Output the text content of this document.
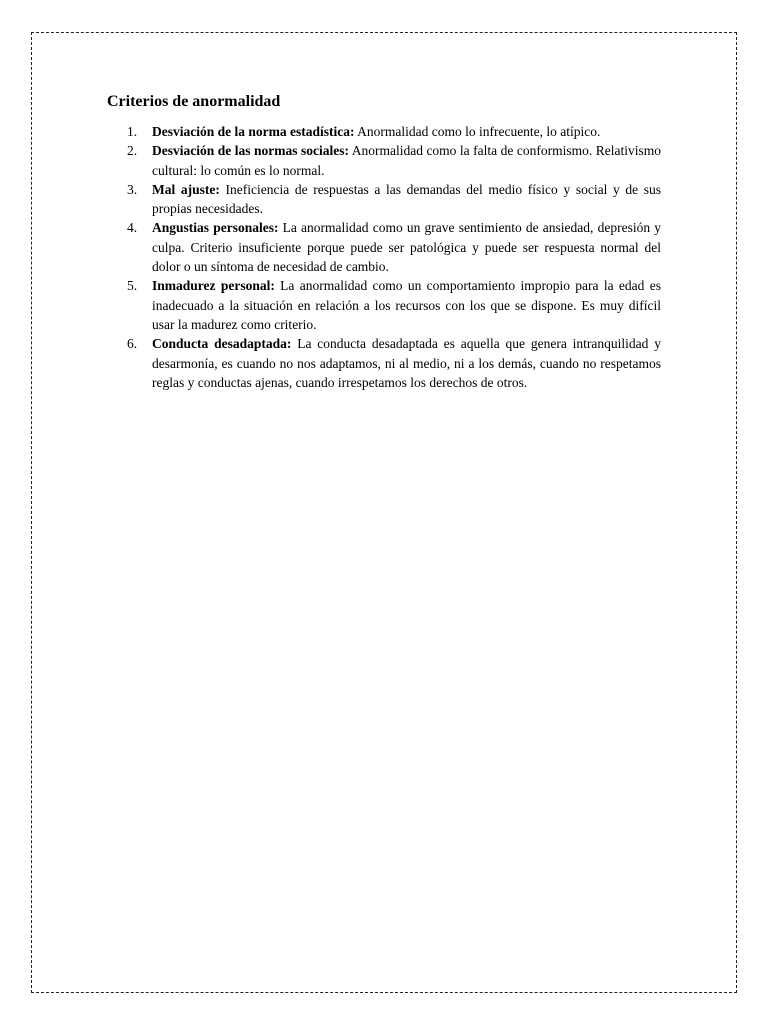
Criterios de anormalidad
1. Desviación de la norma estadística: Anormalidad como lo infrecuente, lo atípico.
2. Desviación de las normas sociales: Anormalidad como la falta de conformismo. Relativismo cultural: lo común es lo normal.
3. Mal ajuste: Ineficiencia de respuestas a las demandas del medio físico y social y de sus propias necesidades.
4. Angustias personales: La anormalidad como un grave sentimiento de ansiedad, depresión y culpa. Criterio insuficiente porque puede ser patológica y puede ser respuesta normal del dolor o un síntoma de necesidad de cambio.
5. Inmadurez personal: La anormalidad como un comportamiento impropio para la edad es inadecuado a la situación en relación a los recursos con los que se dispone. Es muy difícil usar la madurez como criterio.
6. Conducta desadaptada: La conducta desadaptada es aquella que genera intranquilidad y desarmonía, es cuando no nos adaptamos, ni al medio, ni a los demás, cuando no respetamos reglas y conductas ajenas, cuando irrespetamos los derechos de otros.
